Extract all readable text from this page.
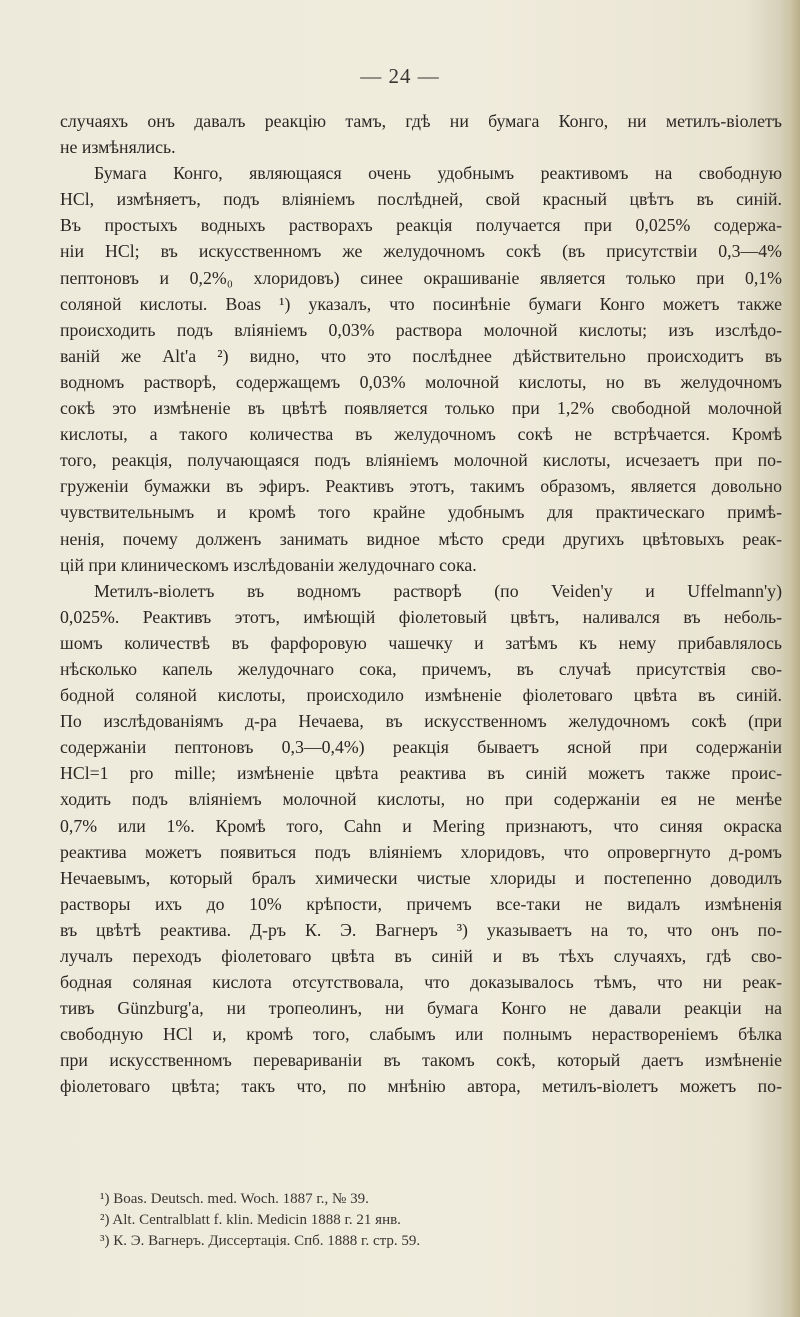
— 24 —
случаяхъ онъ давалъ реакцію тамъ, гдѣ ни бумага Конго, ни метилъ-віолетъ
не измѣнялись.
Бумага Конго, являющаяся очень удобнымъ реактивомъ на свободную
НСl, измѣняетъ, подъ вліяніемъ послѣдней, свой красный цвѣтъ въ синій.
Въ простыхъ водныхъ растворахъ реакція получается при 0,025% содержа-
ніи HCl; въ искусственномъ же желудочномъ сокѣ (въ присутствіи 0,3—4%
пептоновъ и 0,2%₀ хлоридовъ) синее окрашиваніе является только при 0,1%
соляной кислоты. Boas ¹) указалъ, что посинѣніе бумаги Конго можетъ также
происходить подъ вліяніемъ 0,03% раствора молочной кислоты; изъ изслѣдо-
ваній же Alt'а ²) видно, что это послѣднее дѣйствительно происходитъ въ
водномъ растворѣ, содержащемъ 0,03% молочной кислоты, но въ желудочномъ
сокѣ это измѣненіе въ цвѣтѣ появляется только при 1,2% свободной молочной
кислоты, а такого количества въ желудочномъ сокѣ не встрѣчается. Кромѣ
того, реакція, получающаяся подъ вліяніемъ молочной кислоты, исчезаетъ при по-
груженіи бумажки въ эфиръ. Реактивъ этотъ, такимъ образомъ, является довольно
чувствительнымъ и кромѣ того крайне удобнымъ для практическаго примѣ-
ненія, почему долженъ занимать видное мѣсто среди другихъ цвѣтовыхъ реак-
цій при клиническомъ изслѣдованіи желудочнаго сока.
Метилъ-віолетъ въ водномъ растворѣ (по Veiden'у и Uffelmann'у)
0,025%. Реактивъ этотъ, имѣющій фіолетовый цвѣтъ, наливался въ неболь-
шомъ количествѣ въ фарфоровую чашечку и затѣмъ къ нему прибавлялось
нѣсколько капель желудочнаго сока, причемъ, въ случаѣ присутствія сво-
бодной соляной кислоты, происходило измѣненіе фіолетоваго цвѣта въ синій.
По изслѣдованіямъ д-ра Нечаева, въ искусственномъ желудочномъ сокѣ (при
содержаніи пептоновъ 0,3—0,4%) реакція бываетъ ясной при содержаніи
HCl=1 pro mille; измѣненіе цвѣта реактива въ синій можетъ также проис-
ходить подъ вліяніемъ молочной кислоты, но при содержаніи ея не менѣе
0,7% или 1%. Кромѣ того, Cahn и Mering признаютъ, что синяя окраска
реактива можетъ появиться подъ вліяніемъ хлоридовъ, что опровергнуто д-ромъ
Нечаевымъ, который бралъ химически чистые хлориды и постепенно доводилъ
растворы ихъ до 10% крѣпости, причемъ все-таки не видалъ измѣненія
въ цвѣтѣ реактива. Д-ръ К. Э. Вагнеръ ³) указываетъ на то, что онъ по-
лучалъ переходъ фіолетоваго цвѣта въ синій и въ тѣхъ случаяхъ, гдѣ сво-
бодная соляная кислота отсутствовала, что доказывалось тѣмъ, что ни реак-
тивъ Günzburg'а, ни тропеолинъ, ни бумага Конго не давали реакціи на
свободную HCl и, кромѣ того, слабымъ или полнымъ нерастворенiемъ бѣлка
при искусственномъ перевариваніи въ такомъ сокѣ, который даетъ измѣненіе
фіолетоваго цвѣта; такъ что, по мнѣнію автора, метилъ-віолетъ можетъ по-
¹) Boas. Deutsch. med. Woch. 1887 г., № 39.
²) Alt. Centralblatt f. klin. Medicin 1888 г. 21 янв.
³) К. Э. Вагнеръ. Диссертація. Спб. 1888 г. стр. 59.
